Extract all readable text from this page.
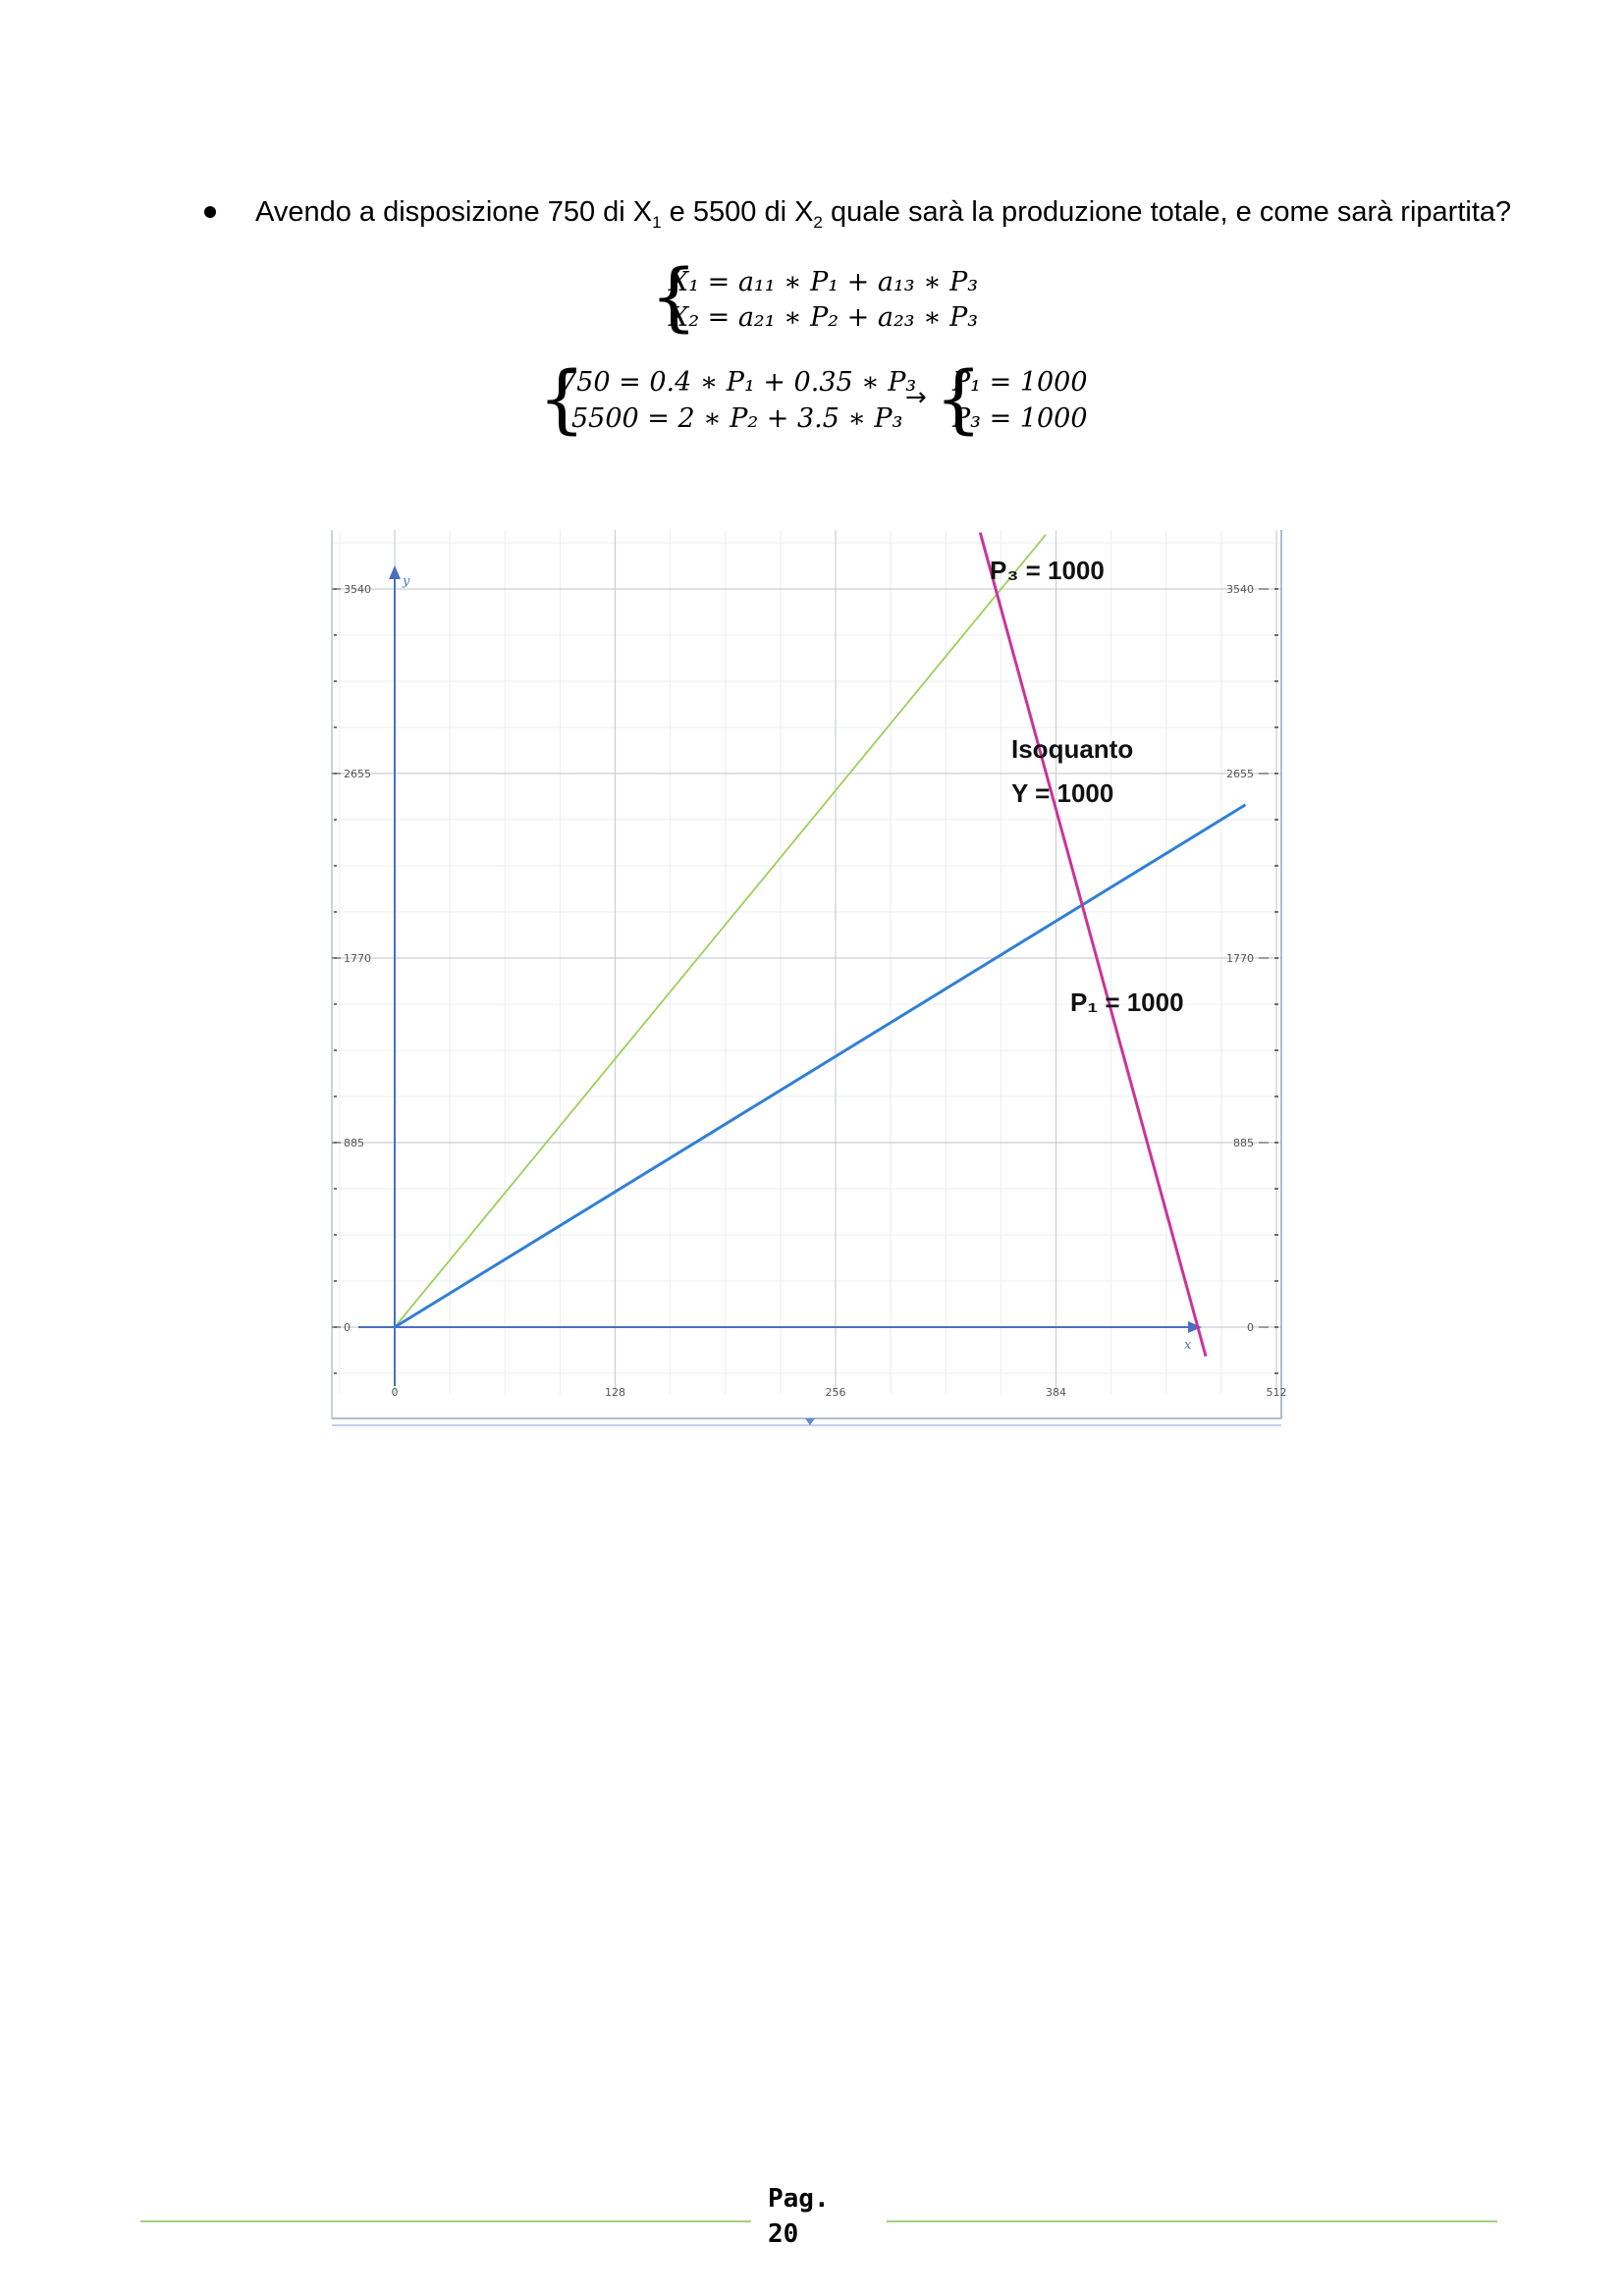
Avendo a disposizione 750 di $X_1$ e 5500 di $X_2$ quale sarà la produzione totale, e come sarà ripartita?
{
X₁ = a₁₁ ∗ P₁ + a₁₃ ∗ P₃
X₂ = a₂₁ ∗ P₂ + a₂₃ ∗ P₃
{
750 = 0.4 ∗ P₁ + 0.35 ∗ P₃
5500 = 2 ∗ P₂ + 3.5 ∗ P₃
→ {
P₁ = 1000
P₃ = 1000
x
y
0	0
885	885
1770	1770
2655	2655
3540	3540
0	128	256	384	512
P₃ = 1000
Isoquanto
Y = 1000
P₁ = 1000
Pag.
20
